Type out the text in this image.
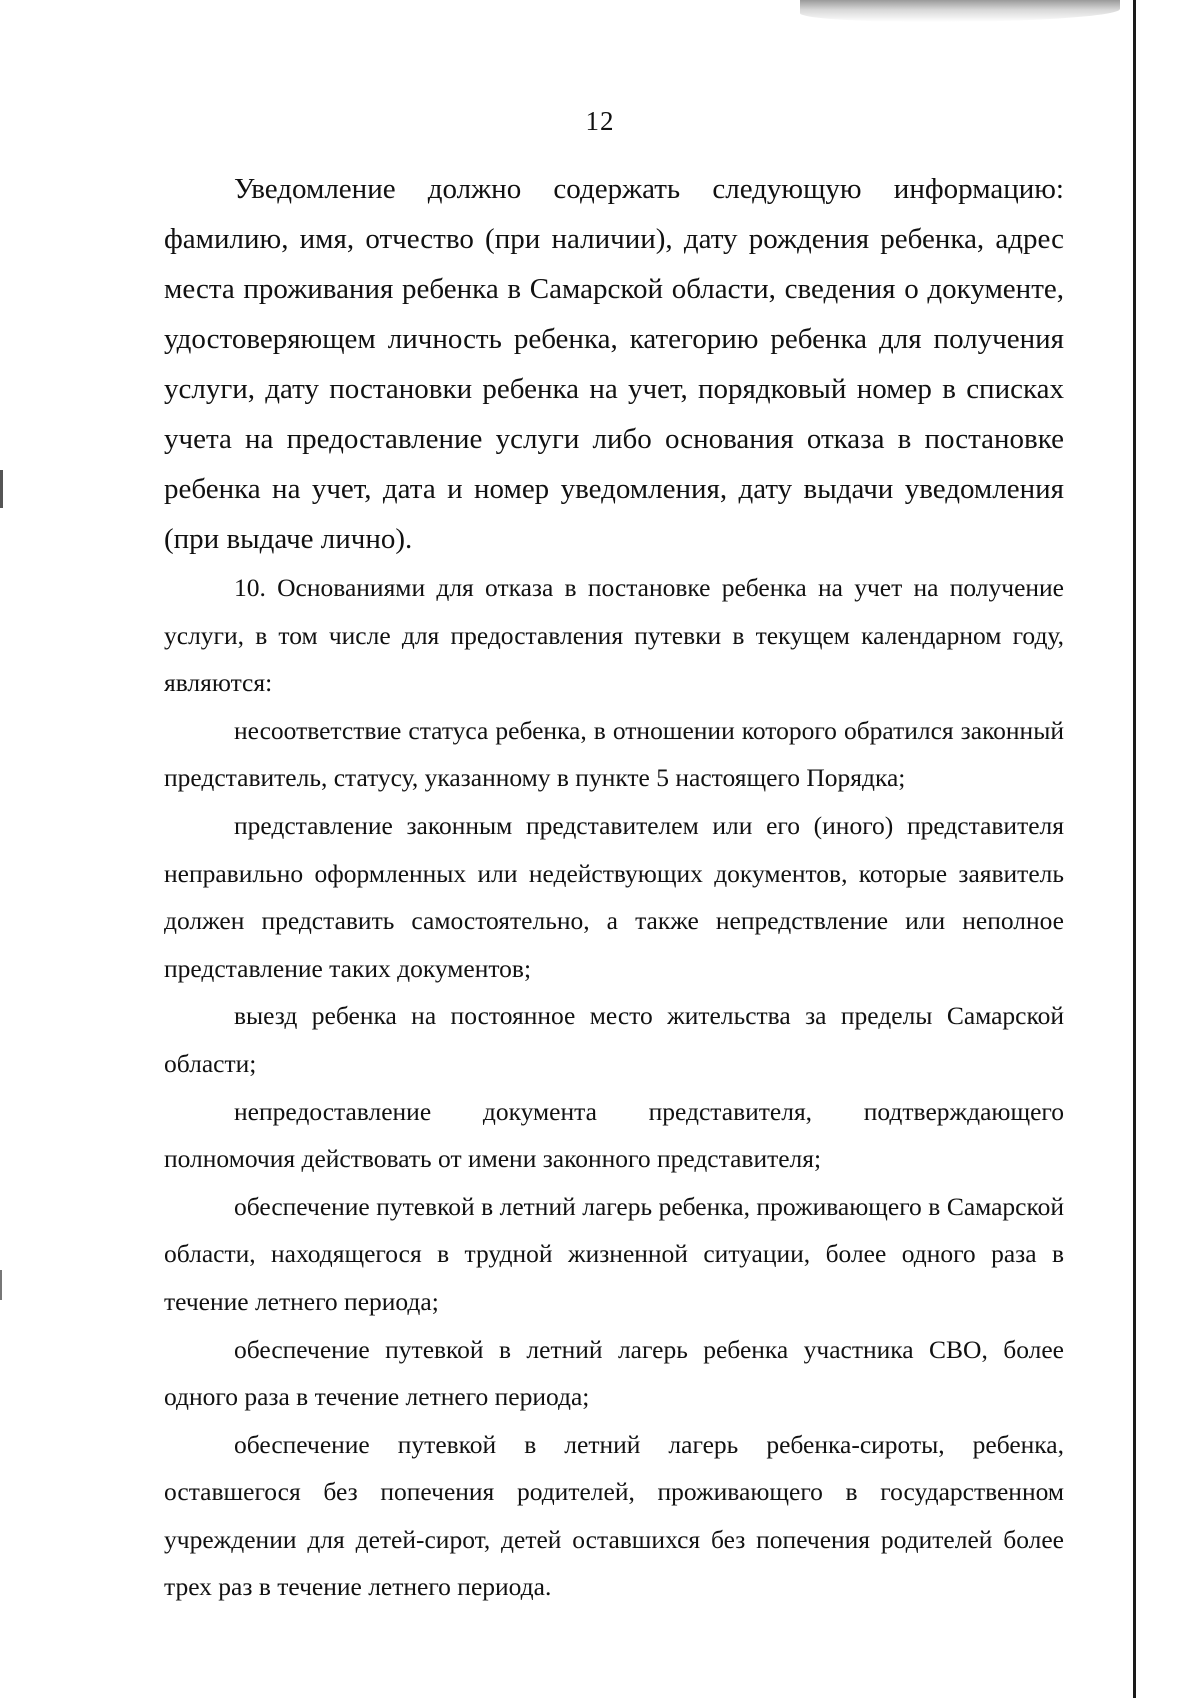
12

Уведомление должно содержать следующую информацию: фамилию, имя, отчество (при наличии), дату рождения ребенка, адрес места проживания ребенка в Самарской области, сведения о документе, удостоверяющем личность ребенка, категорию ребенка для получения услуги, дату постановки ребенка на учет, порядковый номер в списках учета на предоставление услуги либо основания отказа в постановке ребенка на учет, дата и номер уведомления, дату выдачи уведомления (при выдаче лично).

10. Основаниями для отказа в постановке ребенка на учет на получение услуги, в том числе для предоставления путевки в текущем календарном году, являются:

несоответствие статуса ребенка, в отношении которого обратился законный представитель, статусу, указанному в пункте 5 настоящего Порядка;

представление законным представителем или его (иного) представителя неправильно оформленных или недействующих документов, которые заявитель должен представить самостоятельно, а также непредствление или неполное представление таких документов;

выезд ребенка на постоянное место жительства за пределы Самарской области;

непредоставление документа представителя, подтверждающего полномочия действовать от имени законного представителя;

обеспечение путевкой в летний лагерь ребенка, проживающего в Самарской области, находящегося в трудной жизненной ситуации, более одного раза в течение летнего периода;

обеспечение путевкой в летний лагерь ребенка участника СВО, более одного раза в течение летнего периода;

обеспечение путевкой в летний лагерь ребенка-сироты, ребенка, оставшегося без попечения родителей, проживающего в государственном учреждении для детей-сирот, детей оставшихся без попечения родителей более трех раз в течение летнего периода.
